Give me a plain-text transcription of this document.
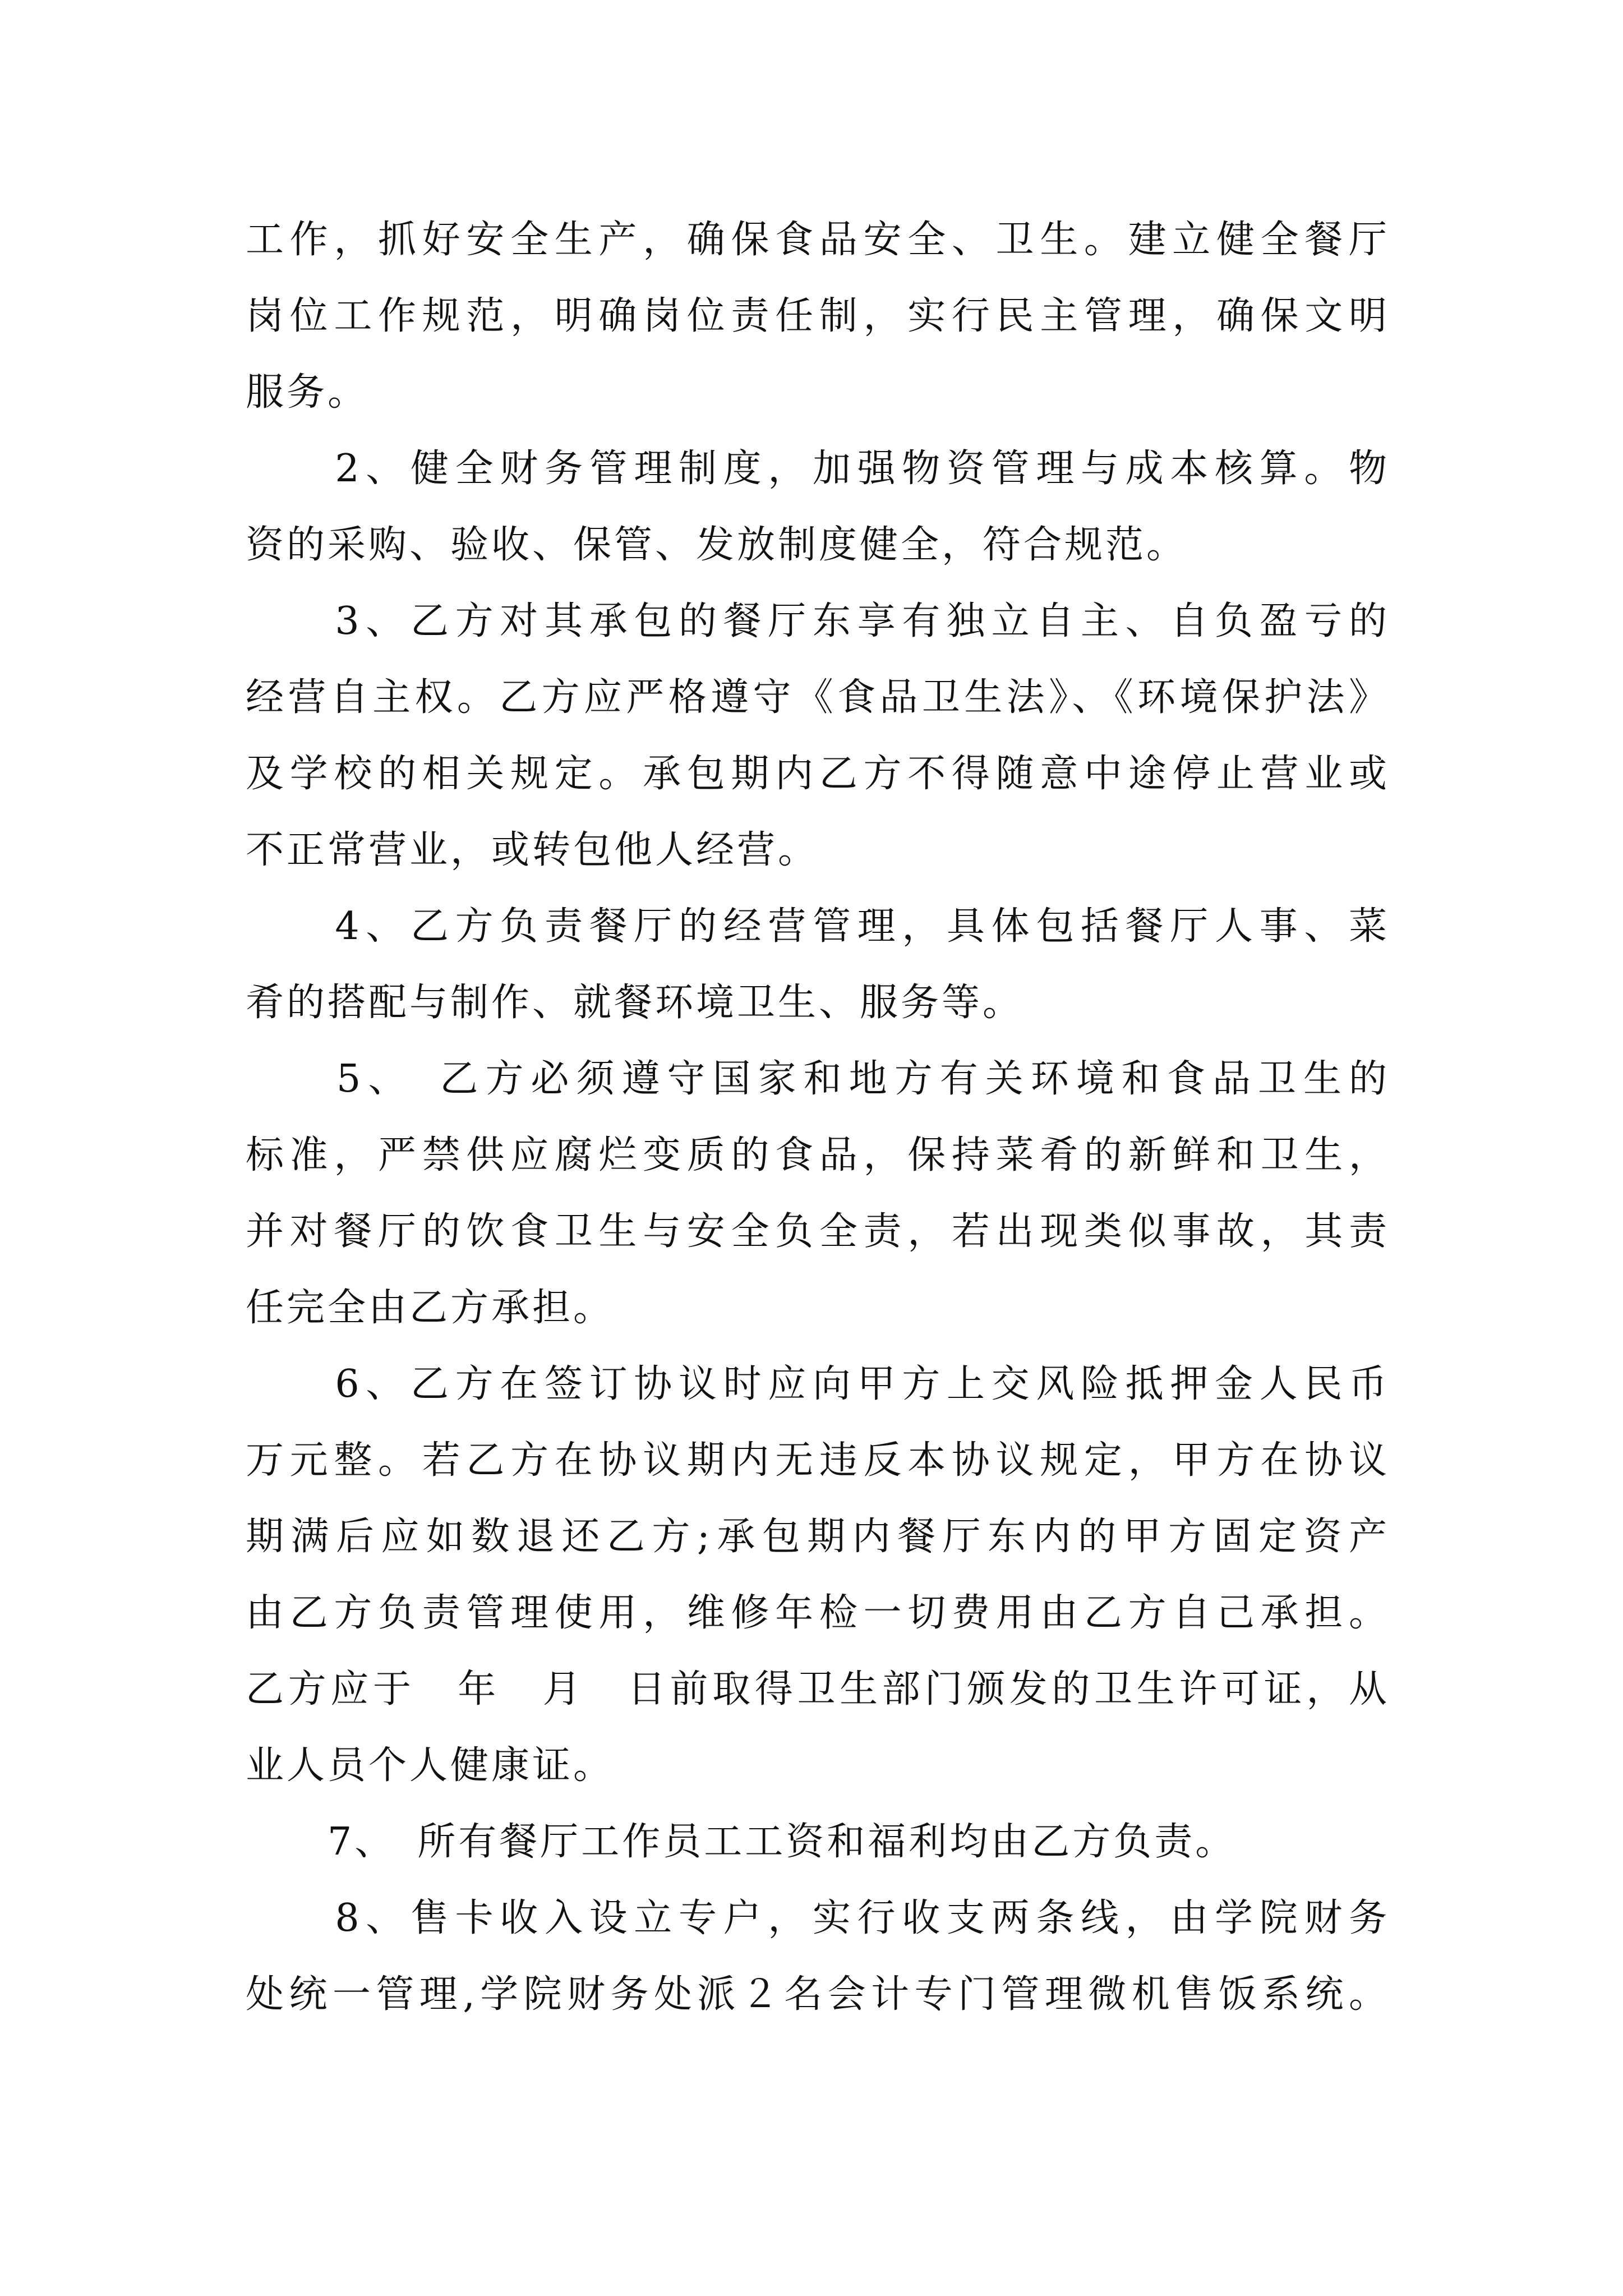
工作，抓好安全生产，确保食品安全、卫生。建立健全餐厅
岗位工作规范，明确岗位责任制，实行民主管理，确保文明
服务。
　　2、健全财务管理制度，加强物资管理与成本核算。物
资的采购、验收、保管、发放制度健全，符合规范。
　　3、乙方对其承包的餐厅东享有独立自主、自负盈亏的
经营自主权。乙方应严格遵守《食品卫生法》、《环境保护法》
及学校的相关规定。承包期内乙方不得随意中途停止营业或
不正常营业，或转包他人经营。
　　4、乙方负责餐厅的经营管理，具体包括餐厅人事、菜
肴的搭配与制作、就餐环境卫生、服务等。
　　5、　乙方必须遵守国家和地方有关环境和食品卫生的
标准，严禁供应腐烂变质的食品，保持菜肴的新鲜和卫生，
并对餐厅的饮食卫生与安全负全责，若出现类似事故，其责
任完全由乙方承担。
　　6、乙方在签订协议时应向甲方上交风险抵押金人民币
万元整。若乙方在协议期内无违反本协议规定，甲方在协议
期满后应如数退还乙方;承包期内餐厅东内的甲方固定资产
由乙方负责管理使用，维修年检一切费用由乙方自己承担。
乙方应于　年　月　日前取得卫生部门颁发的卫生许可证，从
业人员个人健康证。
　　7、　所有餐厅工作员工工资和福利均由乙方负责。
　　8、售卡收入设立专户，实行收支两条线，由学院财务
处统一管理,学院财务处派２名会计专门管理微机售饭系统。
